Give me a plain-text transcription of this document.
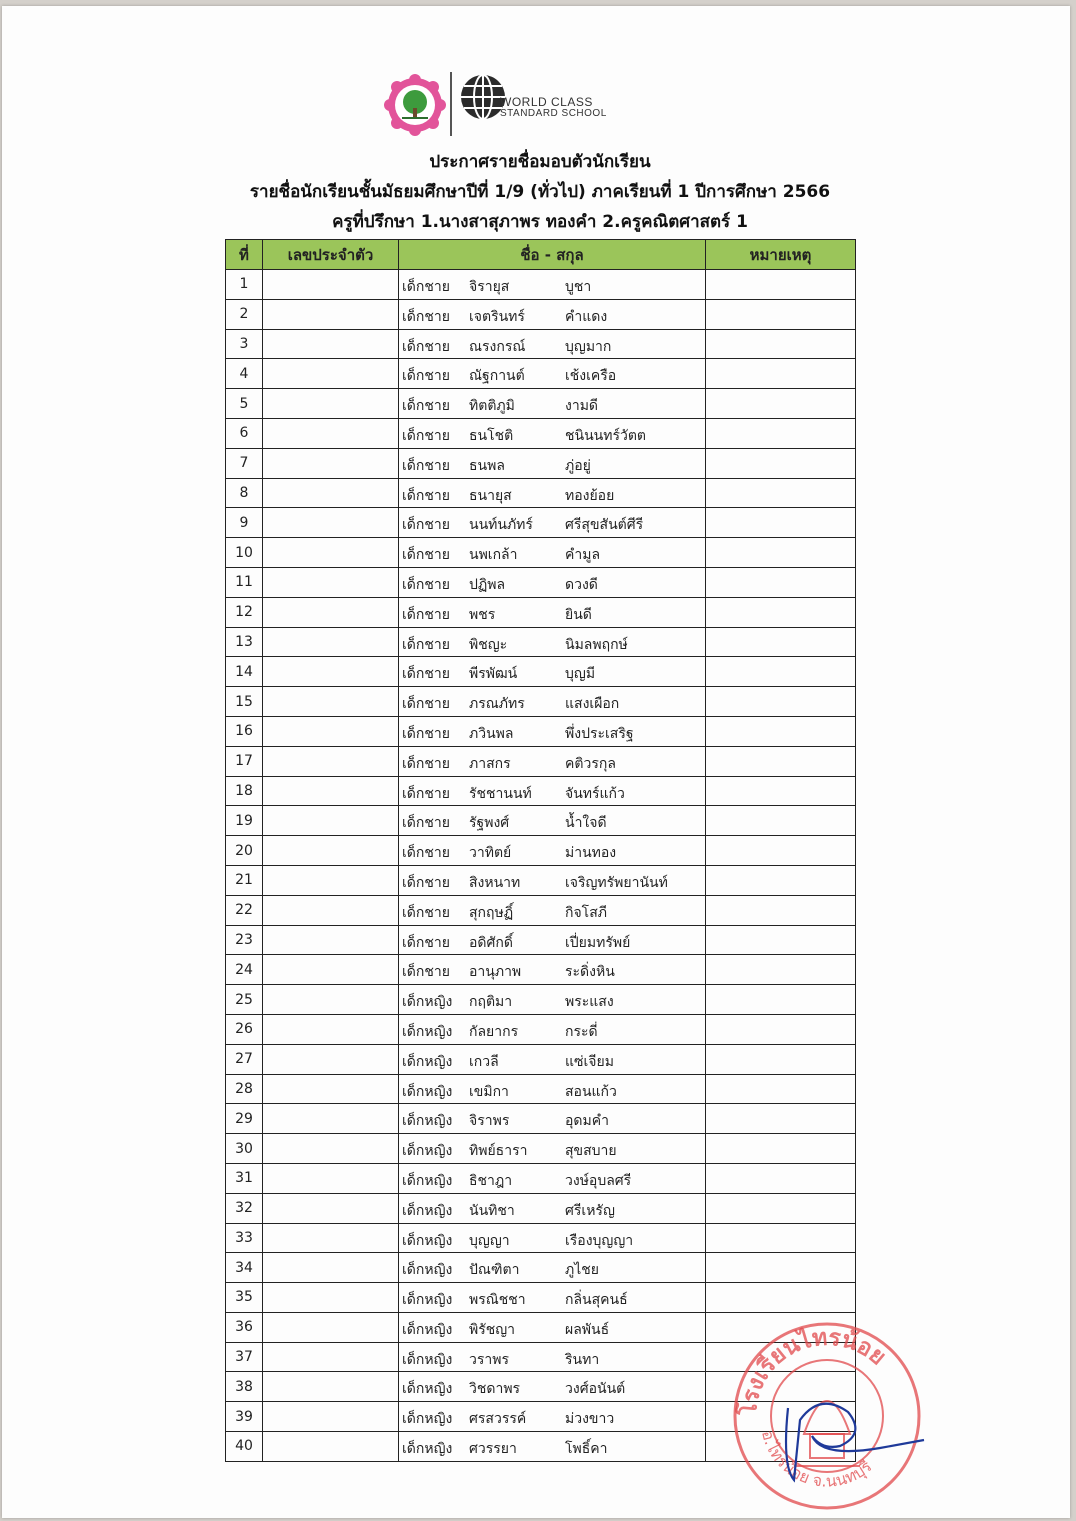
WORLD CLASS
STANDARD SCHOOL
ประกาศรายชื่อมอบตัวนักเรียน
รายชื่อนักเรียนชั้นมัธยมศึกษาปีที่ 1/9 (ทั่วไป) ภาคเรียนที่ 1 ปีการศึกษา 2566
ครูที่ปรึกษา 1.นางสาสุภาพร ทองคำ 2.ครูคณิตศาสตร์ 1
ที่	เลขประจำตัว	ชื่อ - สกุล	หมายเหตุ
1		เด็กชาย จิรายุส บูชา	

2		เด็กชาย เจตรินทร์ คำแดง	

3		เด็กชาย ณรงกรณ์ บุญมาก	

4		เด็กชาย ณัฐกานต์ เช้งเครือ	

5		เด็กชาย ทิตติภูมิ งามดี	

6		เด็กชาย ธนโชติ ชนินนทร์วัตต	

7		เด็กชาย ธนพล ภู่อยู่	

8		เด็กชาย ธนายุส ทองย้อย	

9		เด็กชาย นนท์นภัทร์ ศรีสุขสันต์ศีรี	

10		เด็กชาย นพเกล้า คำมูล	

11		เด็กชาย ปฏิพล ดวงดี	

12		เด็กชาย พชร ยินดี	

13		เด็กชาย พิชญะ นิมลพฤกษ์	

14		เด็กชาย พีรพัฒน์ บุญมี	

15		เด็กชาย ภรณภัทร แสงเผือก	

16		เด็กชาย ภวินพล พึ่งประเสริฐ	

17		เด็กชาย ภาสกร คติวรกุล	

18		เด็กชาย รัชชานนท์ จันทร์แก้ว	

19		เด็กชาย รัฐพงศ์ น้ำใจดี	

20		เด็กชาย วาทิตย์ ม่านทอง	

21		เด็กชาย สิงหนาท เจริญทรัพยานันท์	

22		เด็กชาย สุกฤษฏิ์ กิจโสภี	

23		เด็กชาย อดิศักดิ์ เปี่ยมทรัพย์	

24		เด็กชาย อานุภาพ ระดิ่งหิน	

25		เด็กหญิง กฤติมา พระแสง	

26		เด็กหญิง กัลยากร กระดี่	

27		เด็กหญิง เกวลี แซ่เจียม	

28		เด็กหญิง เขมิกา สอนแก้ว	

29		เด็กหญิง จิราพร อุดมคำ	

30		เด็กหญิง ทิพย์ธารา สุขสบาย	

31		เด็กหญิง ธิชาฎา วงษ์อุบลศรี	

32		เด็กหญิง นันทิชา ศรีเหรัญ	

33		เด็กหญิง บุญญา เรืองบุญญา	

34		เด็กหญิง ปัณฑิตา ภูไชย	

35		เด็กหญิง พรณิชชา กลิ่นสุคนธ์	

36		เด็กหญิง พิรัชญา ผลพันธ์	

37		เด็กหญิง วราพร รินทา	

38		เด็กหญิง วิชดาพร วงศ์อนันต์	

39		เด็กหญิง ศรสวรรค์ ม่วงขาว	

40		เด็กหญิง ศวรรยา โพธิ์คา	

โรงเรียนไทรน้อย
อ.ไทรน้อย จ.นนทบุรี
